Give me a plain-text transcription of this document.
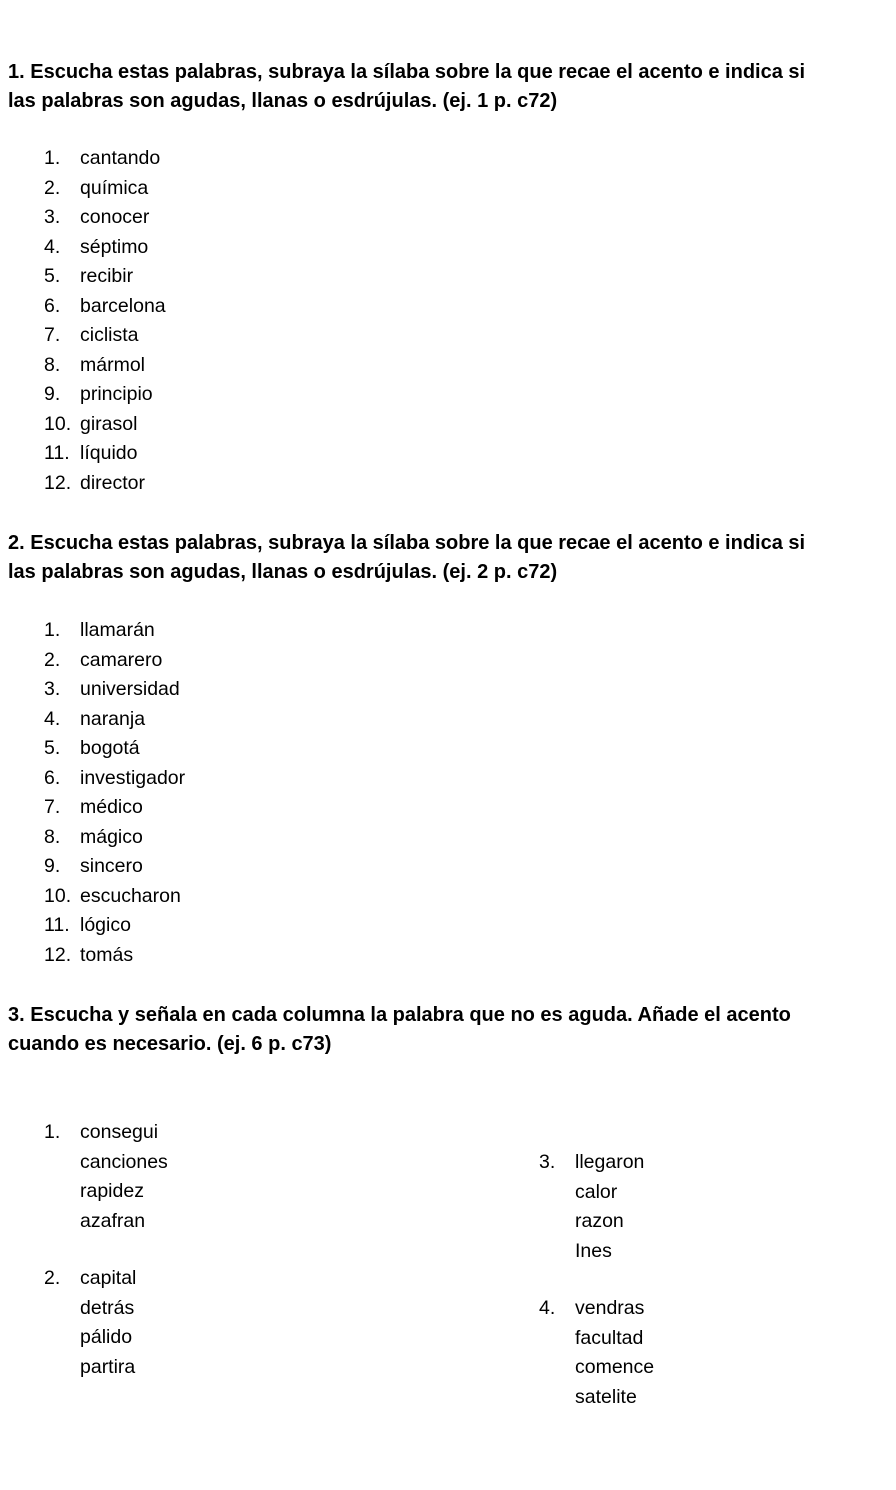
1. Escucha estas palabras, subraya la sílaba sobre la que recae el acento e indica si
las palabras son agudas, llanas o esdrújulas. (ej. 1 p. c72)
1. cantando
2. química
3. conocer
4. séptimo
5. recibir
6. barcelona
7. ciclista
8. mármol
9. principio
10. girasol
11. líquido
12. director
2. Escucha estas palabras, subraya la sílaba sobre la que recae el acento e indica si
las palabras son agudas, llanas o esdrújulas. (ej. 2 p. c72)
1. llamarán
2. camarero
3. universidad
4. naranja
5. bogotá
6. investigador
7. médico
8. mágico
9. sincero
10. escucharon
11. lógico
12. tomás
3. Escucha y señala en cada columna la palabra que no es aguda. Añade el acento
cuando es necesario. (ej. 6 p. c73)
1. consegui
canciones
rapidez
azafran
2. capital
detrás
pálido
partira
3. llegaron
calor
razon
Ines
4. vendras
facultad
comence
satelite
